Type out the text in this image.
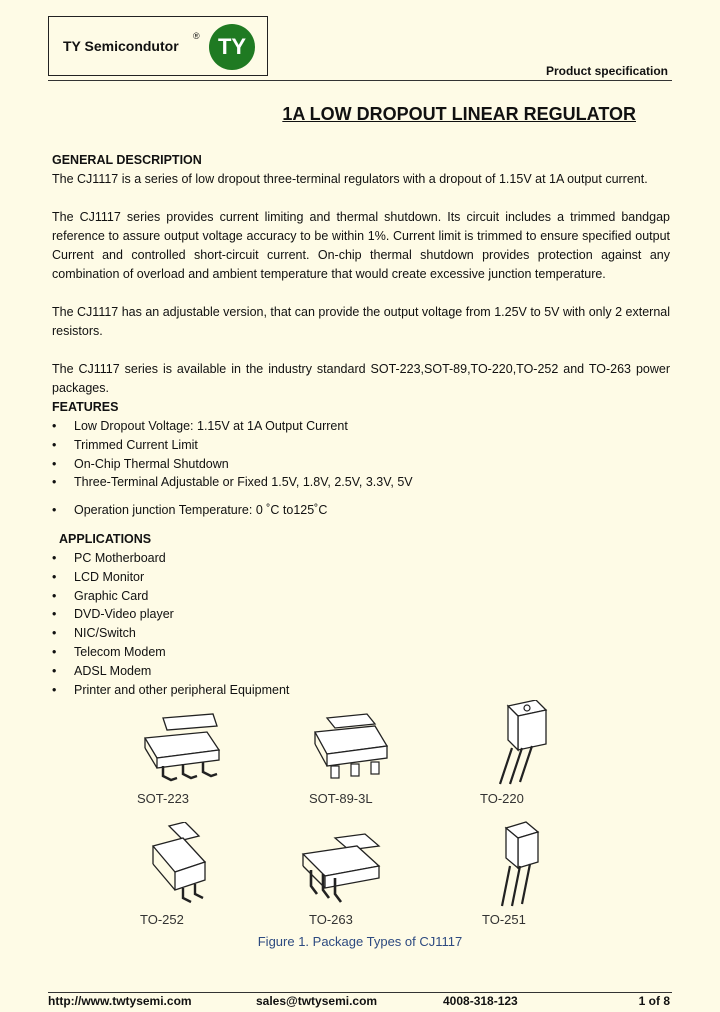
TY Semicondutor
® TY
Product specification
1A LOW DROPOUT LINEAR REGULATOR
GENERAL DESCRIPTION

The CJ1117 is a series of low dropout three-terminal regulators with a dropout of 1.15V at 1A output current.

The CJ1117 series provides current limiting and thermal shutdown. Its circuit includes a trimmed bandgap reference to assure output voltage accuracy to be within 1%. Current limit is trimmed to ensure specified output Current and controlled short-circuit current. On-chip thermal shutdown provides protection against any combination of overload and ambient temperature that would create excessive junction temperature.

The CJ1117 has an adjustable version, that can provide the output voltage from 1.25V to 5V with only 2 external resistors.

The CJ1117 series is available in the industry standard SOT-223,SOT-89,TO-220,TO-252 and TO-263 power packages.

FEATURES
• Low Dropout Voltage: 1.15V at 1A Output Current
• Trimmed Current Limit
• On-Chip Thermal Shutdown
• Three-Terminal Adjustable or Fixed 1.5V, 1.8V, 2.5V, 3.3V, 5V
• Operation junction Temperature: 0 ˚C to125˚C
APPLICATIONS
• PC Motherboard
• LCD Monitor
• Graphic Card
• DVD-Video player
• NIC/Switch
• Telecom Modem
• ADSL Modem
• Printer and other peripheral Equipment
SOT-223	SOT-89-3L	TO-220
TO-252	TO-263	TO-251
Figure 1. Package Types of CJ1117
http://www.twtysemi.com	sales@twtysemi.com	4008-318-123	1 of 8
